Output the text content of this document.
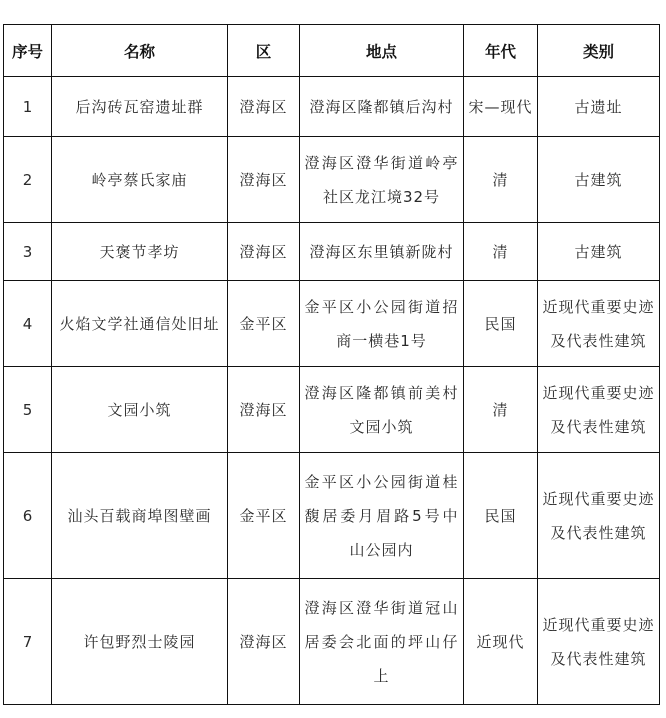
序号	名称	区	地点	年代	类别
1	后沟砖瓦窑遗址群	澄海区	澄海区隆都镇后沟村	宋—现代	古遗址
2	岭亭蔡氏家庙	澄海区	澄海区澄华街道岭亭社区龙江境32号	清	古建筑
3	天褒节孝坊	澄海区	澄海区东里镇新陇村	清	古建筑
4	火焰文学社通信处旧址	金平区	金平区小公园街道招商一横巷1号	民国	近现代重要史迹及代表性建筑
5	文园小筑	澄海区	澄海区隆都镇前美村文园小筑	清	近现代重要史迹及代表性建筑
6	汕头百载商埠图壁画	金平区	金平区小公园街道桂馥居委月眉路5号中山公园内	民国	近现代重要史迹及代表性建筑
7	许包野烈士陵园	澄海区	澄海区澄华街道冠山居委会北面的坪山仔上	近现代	近现代重要史迹及代表性建筑
